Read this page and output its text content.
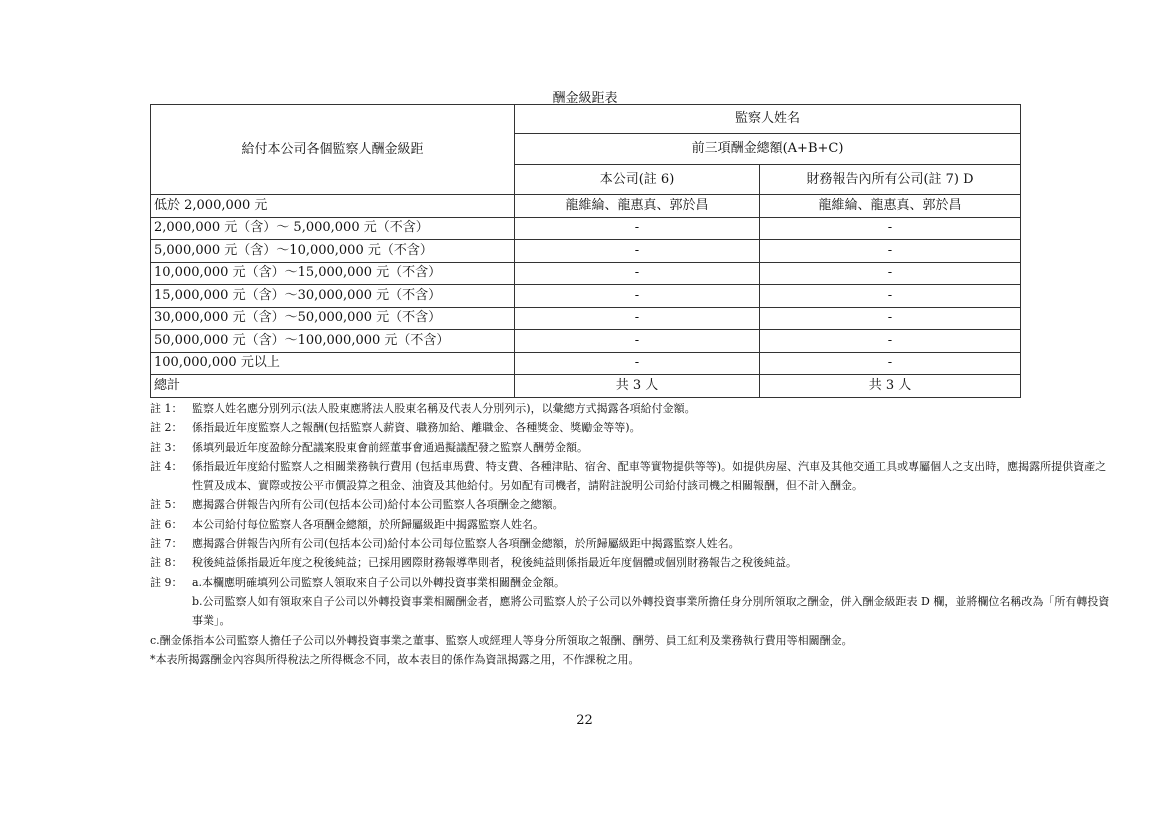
酬金級距表
給付本公司各個監察人酬金級距	監察人姓名	
	前三項酬金總額(A+B+C)	
	本公司(註 6)	財務報告內所有公司(註 7) D
低於 2,000,000 元	龍維綸、龍惠真、郭於昌	龍維綸、龍惠真、郭於昌
2,000,000 元（含）～ 5,000,000 元（不含）	-	-
5,000,000 元（含）～10,000,000 元（不含）	-	-
10,000,000 元（含）～15,000,000 元（不含）	-	-
15,000,000 元（含）～30,000,000 元（不含）	-	-
30,000,000 元（含）～50,000,000 元（不含）	-	-
50,000,000 元（含）～100,000,000 元（不含）	-	-
100,000,000 元以上	-	-
總計	共 3 人	共 3 人
註 1： 監察人姓名應分別列示(法人股東應將法人股東名稱及代表人分別列示)，以彙總方式揭露各項給付金額。
註 2： 係指最近年度監察人之報酬(包括監察人薪資、職務加給、離職金、各種獎金、獎勵金等等)。
註 3： 係填列最近年度盈餘分配議案股東會前經董事會通過擬議配發之監察人酬勞金額。
註 4： 係指最近年度給付監察人之相關業務執行費用 (包括車馬費、特支費、各種津貼、宿舍、配車等實物提供等等)。如提供房屋、汽車及其他交通工具或專屬個人之支出時，應揭露所提供資產之性質及成本、實際或按公平市價設算之租金、油資及其他給付。另如配有司機者，請附註說明公司給付該司機之相關報酬，但不計入酬金。
註 5： 應揭露合併報告內所有公司(包括本公司)給付本公司監察人各項酬金之總額。
註 6： 本公司給付每位監察人各項酬金總額，於所歸屬級距中揭露監察人姓名。
註 7： 應揭露合併報告內所有公司(包括本公司)給付本公司每位監察人各項酬金總額，於所歸屬級距中揭露監察人姓名。
註 8： 稅後純益係指最近年度之稅後純益；已採用國際財務報導準則者，稅後純益則係指最近年度個體或個別財務報告之稅後純益。
註 9： a.本欄應明確填列公司監察人領取來自子公司以外轉投資事業相關酬金金額。
b.公司監察人如有領取來自子公司以外轉投資事業相關酬金者，應將公司監察人於子公司以外轉投資事業所擔任身分別所領取之酬金，併入酬金級距表 D 欄，並將欄位名稱改為「所有轉投資事業」。
c.酬金係指本公司監察人擔任子公司以外轉投資事業之董事、監察人或經理人等身分所領取之報酬、酬勞、員工紅利及業務執行費用等相關酬金。
*本表所揭露酬金內容與所得稅法之所得概念不同，故本表目的係作為資訊揭露之用，不作課稅之用。
22
